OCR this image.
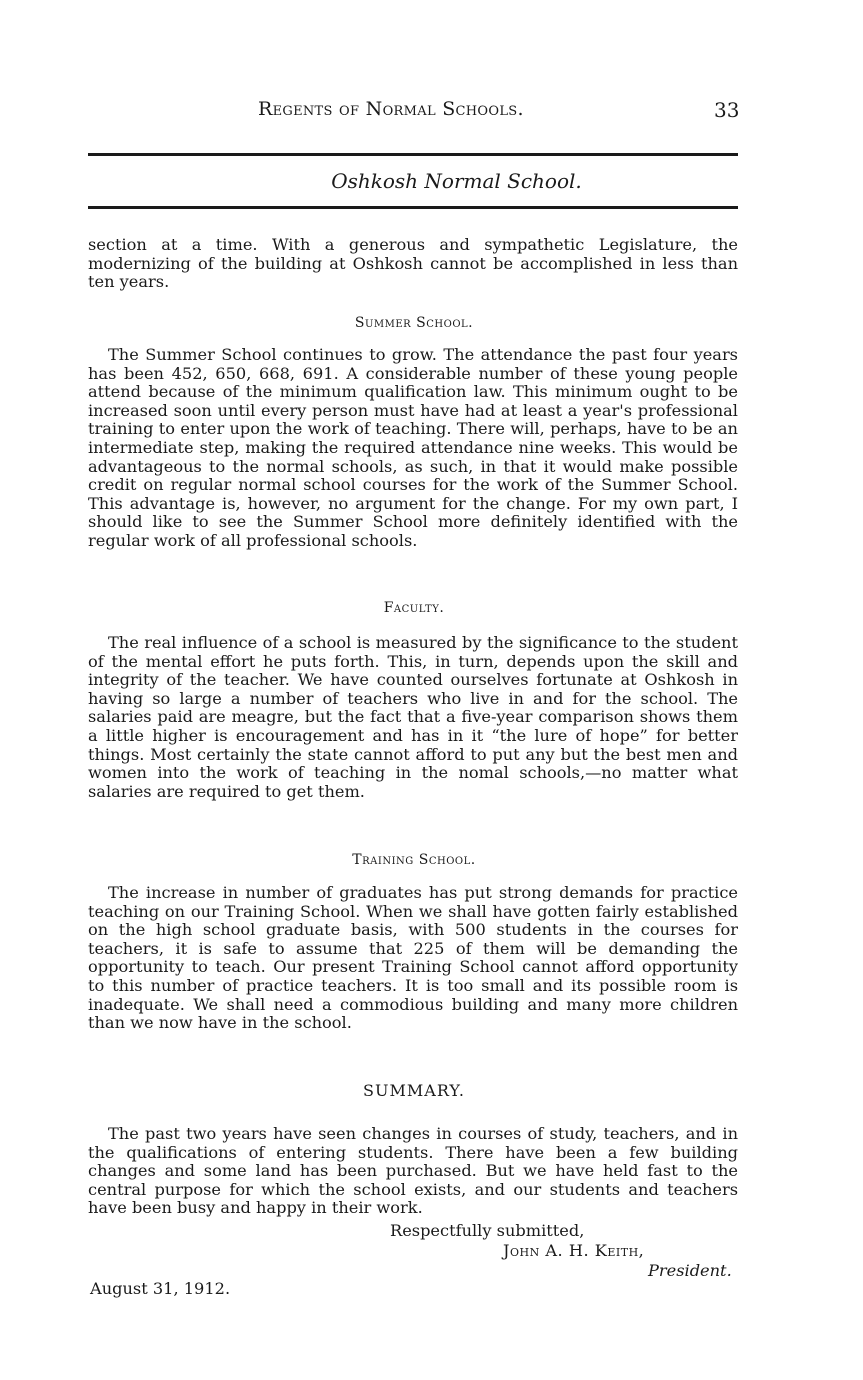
Regents of Normal Schools.	33
Oshkosh Normal School.

section at a time. With a generous and sympathetic Legislature, the modernizing of the building at Oshkosh cannot be accomplished in less than ten years.

Summer School.

The Summer School continues to grow. The attendance the past four years has been 452, 650, 668, 691. A considerable number of these young people attend because of the minimum qualification law. This minimum ought to be increased soon until every person must have had at least a year's professional training to enter upon the work of teaching. There will, perhaps, have to be an intermediate step, making the required attendance nine weeks. This would be advantageous to the normal schools, as such, in that it would make possible credit on regular normal school courses for the work of the Summer School. This advantage is, however, no argument for the change. For my own part, I should like to see the Summer School more definitely identified with the regular work of all professional schools.

Faculty.

The real influence of a school is measured by the significance to the student of the mental effort he puts forth. This, in turn, depends upon the skill and integrity of the teacher. We have counted ourselves fortunate at Oshkosh in having so large a number of teachers who live in and for the school. The salaries paid are meagre, but the fact that a five-year comparison shows them a little higher is encouragement and has in it “the lure of hope” for better things. Most certainly the state cannot afford to put any but the best men and women into the work of teaching in the nomal schools,—no matter what salaries are required to get them.

Training School.

The increase in number of graduates has put strong demands for practice teaching on our Training School. When we shall have gotten fairly established on the high school graduate basis, with 500 students in the courses for teachers, it is safe to assume that 225 of them will be demanding the opportunity to teach. Our present Training School cannot afford opportunity to this number of practice teachers. It is too small and its possible room is inadequate. We shall need a commodious building and many more children than we now have in the school.

SUMMARY.

The past two years have seen changes in courses of study, teachers, and in the qualifications of entering students. There have been a few building changes and some land has been purchased. But we have held fast to the central purpose for which the school exists, and our students and teachers have been busy and happy in their work.

Respectfully submitted,
John A. H. Keith,
President.
August 31, 1912.
